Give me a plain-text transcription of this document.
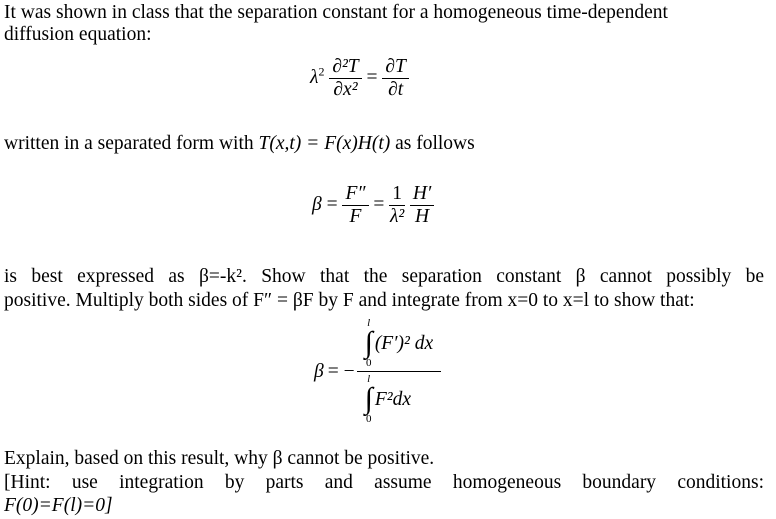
It was shown in class that the separation constant for a homogeneous time-dependent
diffusion equation:
$\lambda^2 \frac{\text{∂²T}}{\text{∂x²}} = \frac{\partial T}{\partial t}$
written in a separated form with T(x,t) = F(x)H(t) as follows
$\beta = \frac{F''}{F} = \frac{1}{\text{λ²}}$
$\frac{H'}{H}$
is best expressed as β=-k². Show that the separation constant β cannot possibly be
positive. Multiply both sides of F″ = βF by F and integrate from x=0 to x=l to show that:
β = − l
∫
0
(F′)² dx
l
∫
0
F²dx
Explain, based on this result, why β cannot be positive.
[Hint: use integration by parts and assume homogeneous boundary conditions:
F(0)=F(l)=0]
